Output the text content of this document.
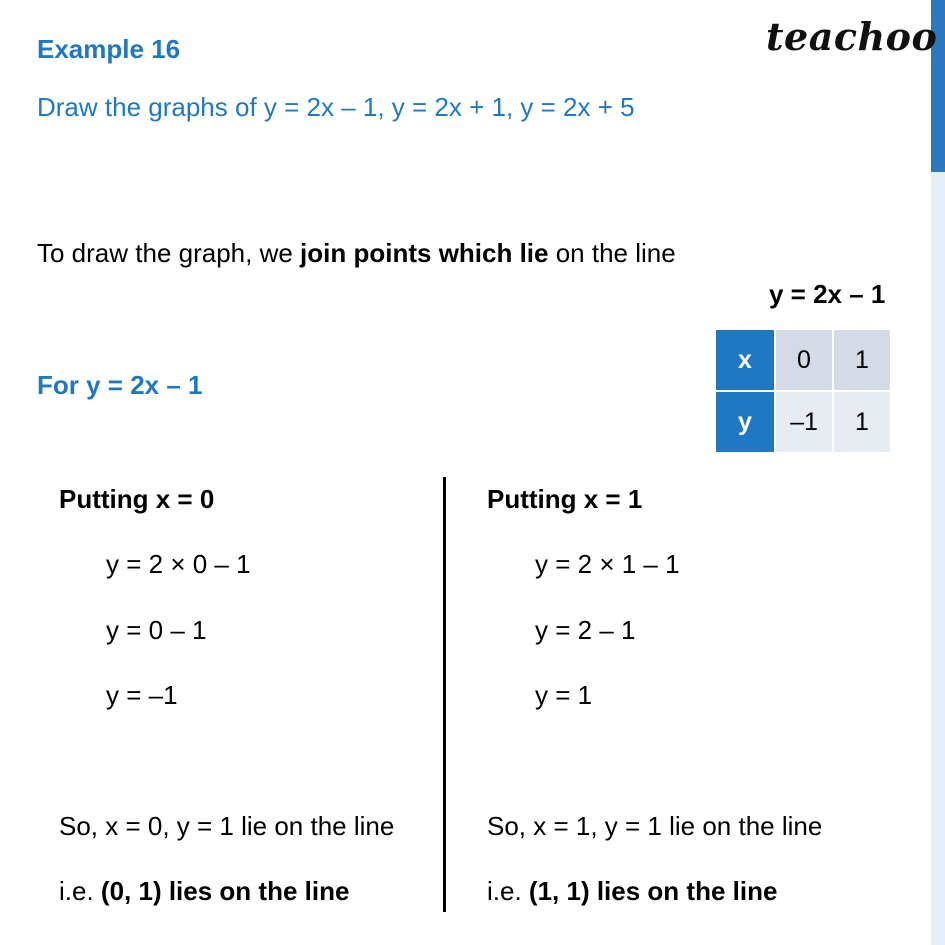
Example 16	teachoo
Draw the graphs of y = 2x – 1, y = 2x + 1, y = 2x + 5
To draw the graph, we join points which lie on the line
y = 2x – 1
x	0	1
y	–1	1
For y = 2x – 1
Putting x = 0
y = 2 × 0 – 1
y = 0 – 1
y = –1
So, x = 0, y = 1 lie on the line
i.e. (0, 1) lies on the line
Putting x = 1
y = 2 × 1 – 1
y = 2 – 1
y = 1
So, x = 1, y = 1 lie on the line
i.e. (1, 1) lies on the line
